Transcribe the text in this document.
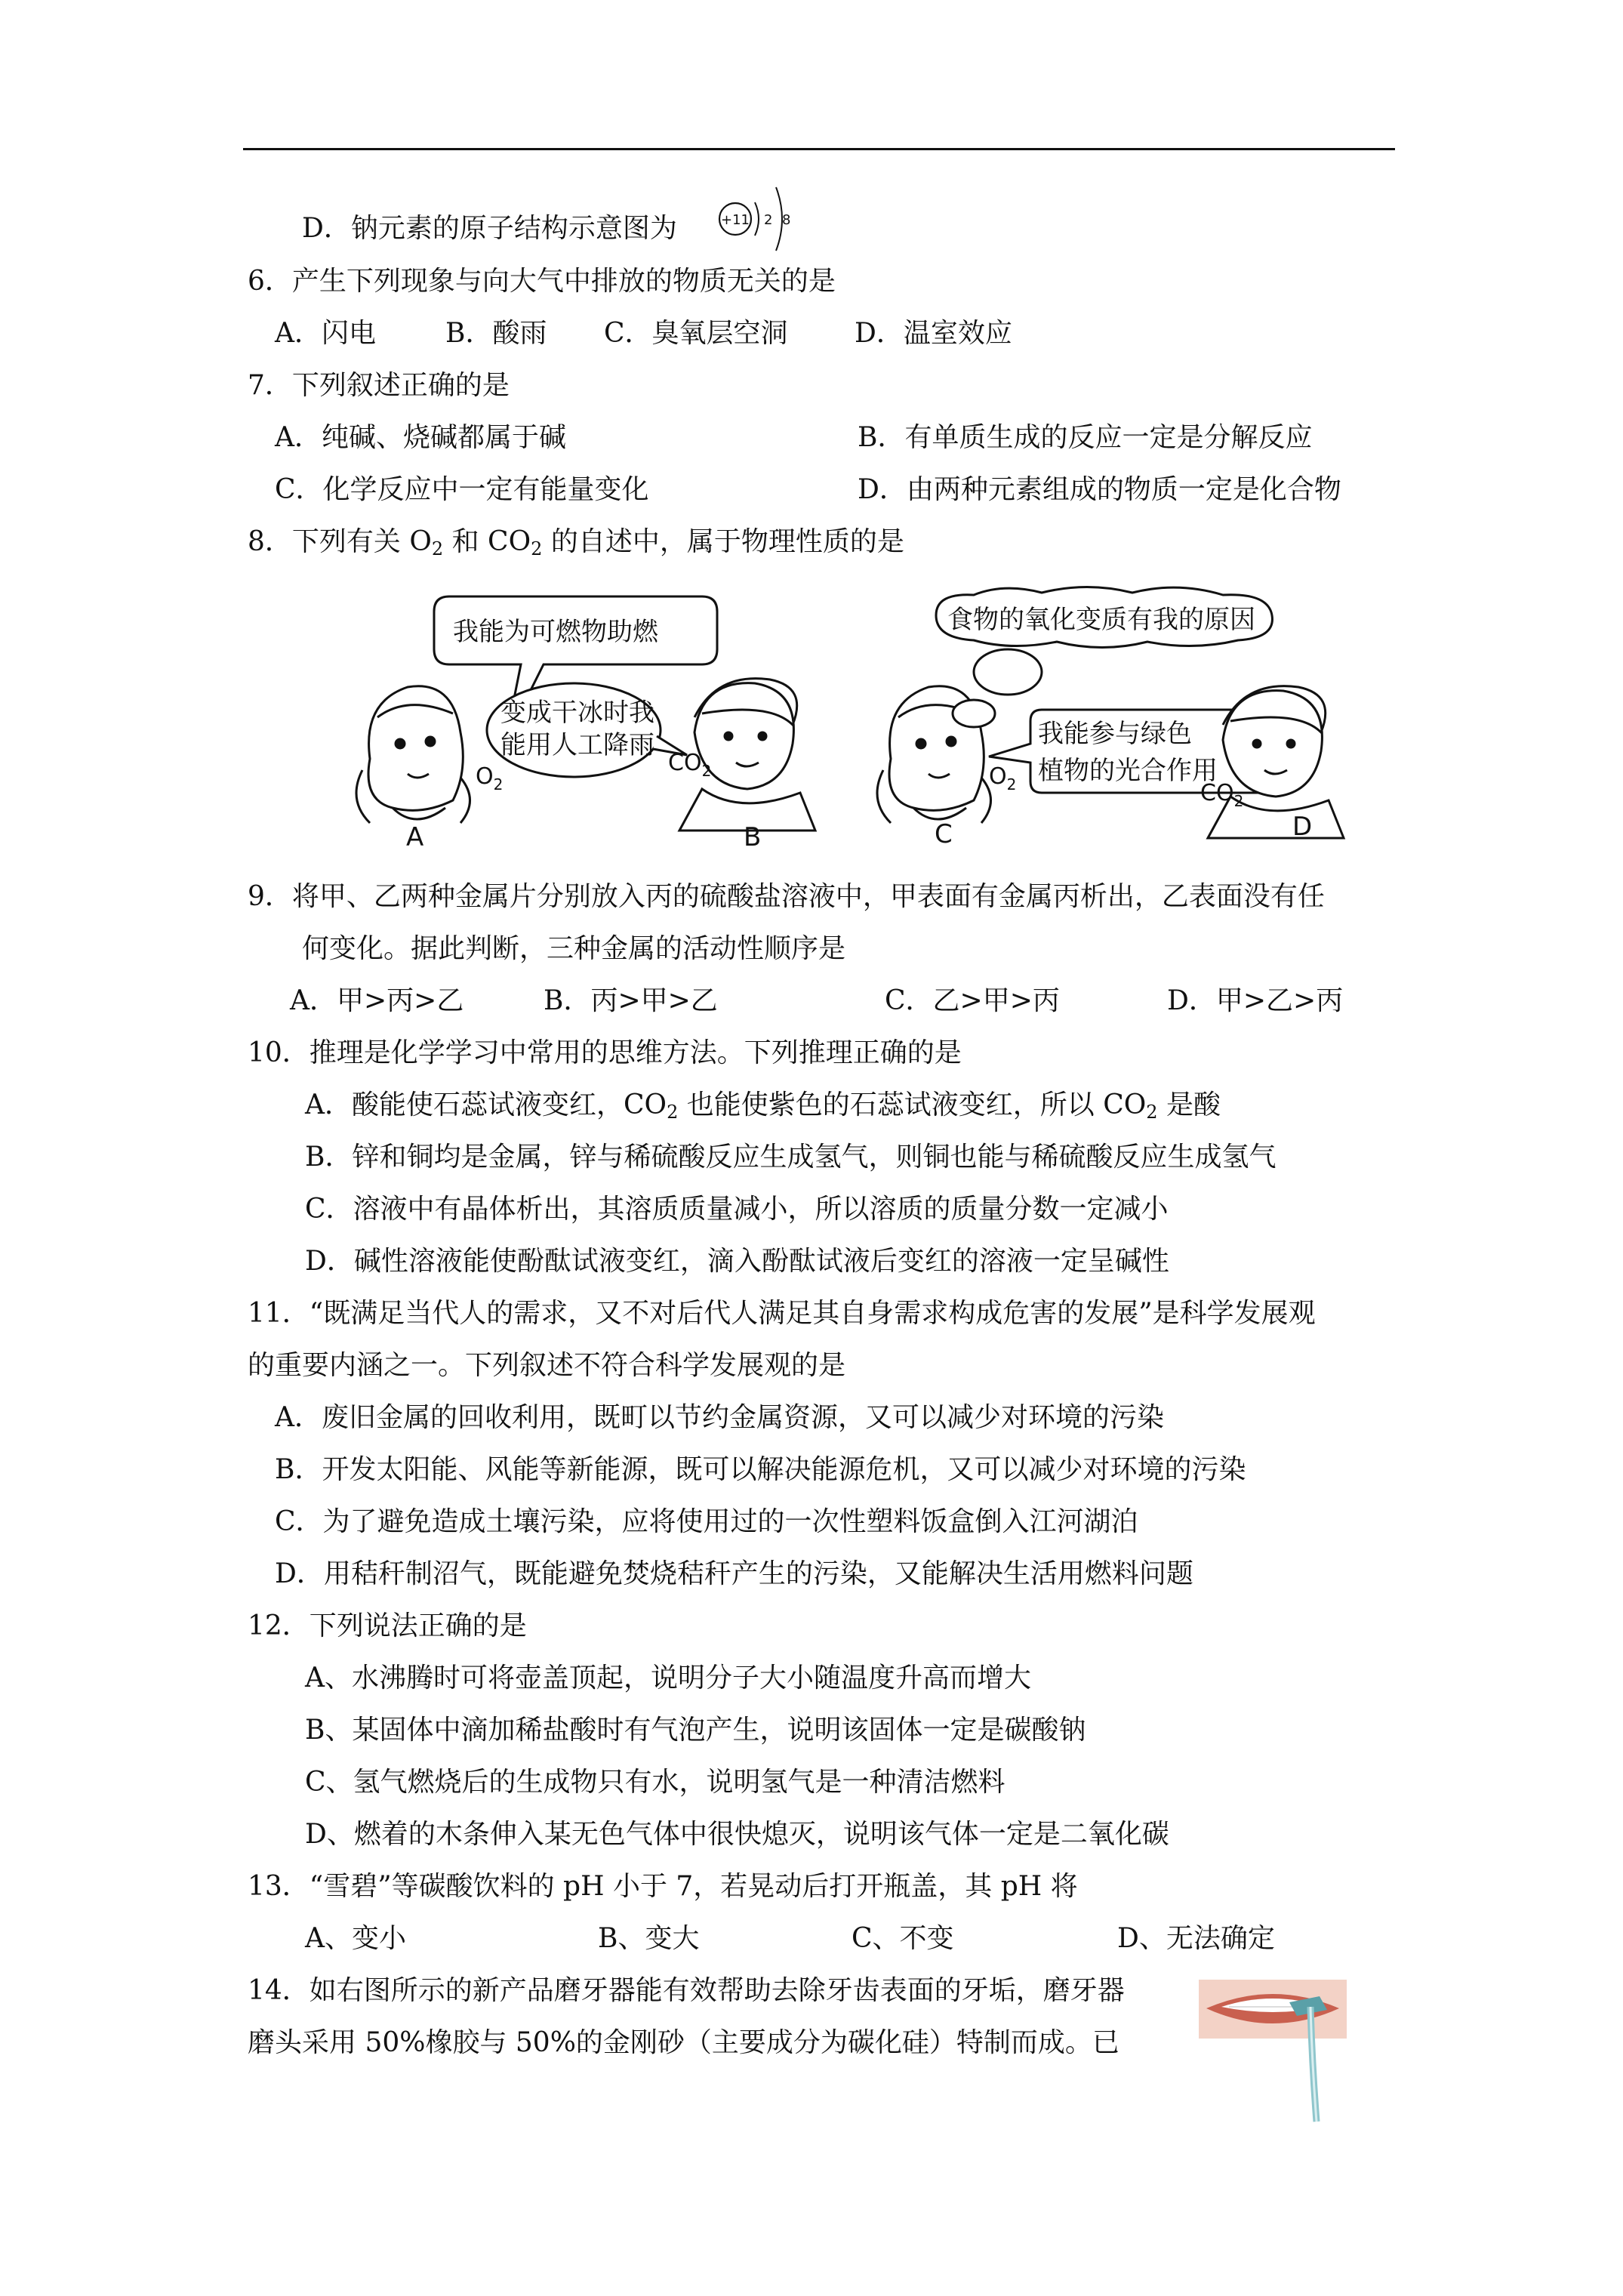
D．钠元素的原子结构示意图为	+11 2 8
6．产生下列现象与向大气中排放的物质无关的是
A．闪电	B．酸雨 C．臭氧层空洞 D．温室效应
7．下列叙述正确的是
A．纯碱、烧碱都属于碱	B．有单质生成的反应一定是分解反应
C．化学反应中一定有能量变化	D．由两种元素组成的物质一定是化合物
8．下列有关 $O_2$ 和 $CO_2$ 的自述中，属于物理性质的是
我能为可燃物助燃
变成干冰时我
能用人工降雨
食物的氧化变质有我的原因
我能参与绿色
植物的光合作用
$O_2$
$CO_2$	$O_2$	$CO_2$
A	B	C	D
9．将甲、乙两种金属片分别放入丙的硫酸盐溶液中，甲表面有金属丙析出，乙表面没有任
何变化。据此判断，三种金属的活动性顺序是
A．甲>丙>乙	B．丙>甲>乙	C．乙>甲>丙	D．甲>乙>丙
10．推理是化学学习中常用的思维方法。下列推理正确的是
A．酸能使石蕊试液变红，$CO_2$ 也能使紫色的石蕊试液变红，所以 $CO_2$ 是酸
B．锌和铜均是金属，锌与稀硫酸反应生成氢气，则铜也能与稀硫酸反应生成氢气
C．溶液中有晶体析出，其溶质质量减小，所以溶质的质量分数一定减小
D．碱性溶液能使酚酞试液变红，滴入酚酞试液后变红的溶液一定呈碱性
11．“既满足当代人的需求，又不对后代人满足其自身需求构成危害的发展”是科学发展观
的重要内涵之一。下列叙述不符合科学发展观的是
A．废旧金属的回收利用，既町以节约金属资源，又可以减少对环境的污染
B．开发太阳能、风能等新能源，既可以解决能源危机，又可以减少对环境的污染
C．为了避免造成土壤污染，应将使用过的一次性塑料饭盒倒入江河湖泊
D．用秸秆制沼气，既能避免焚烧秸秆产生的污染，又能解决生活用燃料问题
12．下列说法正确的是
A、水沸腾时可将壶盖顶起，说明分子大小随温度升高而增大
B、某固体中滴加稀盐酸时有气泡产生，说明该固体一定是碳酸钠
C、氢气燃烧后的生成物只有水，说明氢气是一种清洁燃料
D、燃着的木条伸入某无色气体中很快熄灭，说明该气体一定是二氧化碳
13．“雪碧”等碳酸饮料的 pH 小于 7，若晃动后打开瓶盖，其 pH 将
A、变小	B、变大	C、不变	D、无法确定
14．如右图所示的新产品磨牙器能有效帮助去除牙齿表面的牙垢，磨牙器
磨头采用 50%橡胶与 50%的金刚砂（主要成分为碳化硅）特制而成。已
